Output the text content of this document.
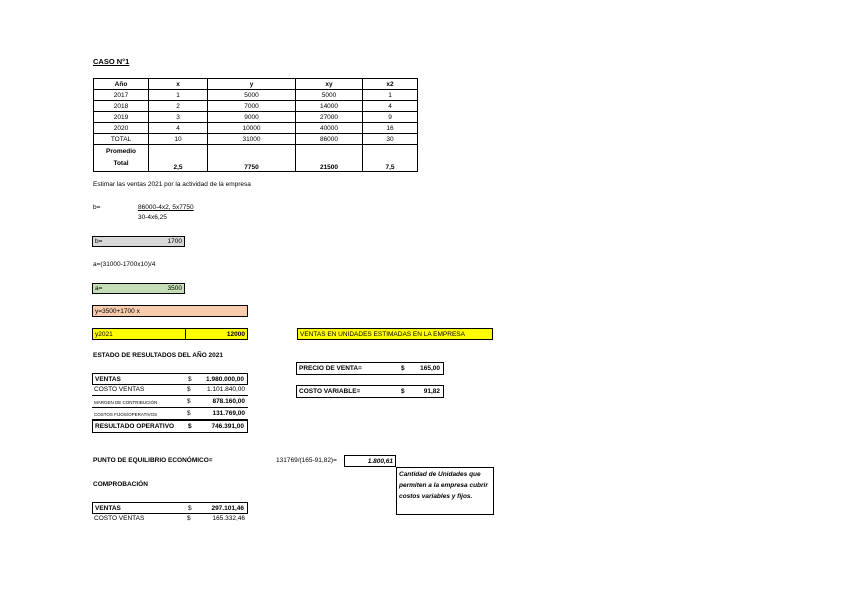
CASO N°1
Año	x	y	xy	x2
2017	1	5000	5000	1
2018	2	7000	14000	4
2019	3	9000	27000	9
2020	4	10000	40000	16
TOTAL	10	31000	86000	30
Promedio
Total	2,5	7750	21500	7,5
Estimar las ventas 2021 por la actividad de la empresa
b=	86000-4x2, 5x7750
30-4x6,25
b=	1700
a=(31000-1700x10)/4
a=	3500
y=3500+1700 x
y2021	12000	VENTAS EN UNIDADES ESTIMADAS EN LA EMPRESA
ESTADO DE RESULTADOS DEL AÑO 2021
VENTAS	$ 1.980.000,00
COSTO VENTAS	$	1.101.840,00
MARGEN DE CONTRIBUCIÓN	$	878.160,00
COSTOS FIJOS/OPERATIVOS	$	131.769,00
RESULTADO OPERATIVO $	746.391,00
PRECIO DE VENTA=	$ 165,00
COSTO VARIABLE=	$	91,82
PUNTO DE EQUILIBRIO ECONÓMICO=	131769/(165-91,82)=	1.800,61
Cantidad de Unidades que permiten a la empresa cubrir costos variables y fijos.
COMPROBACIÓN
VENTAS	$	297.101,46
COSTO VENTAS	$	165.332,46
